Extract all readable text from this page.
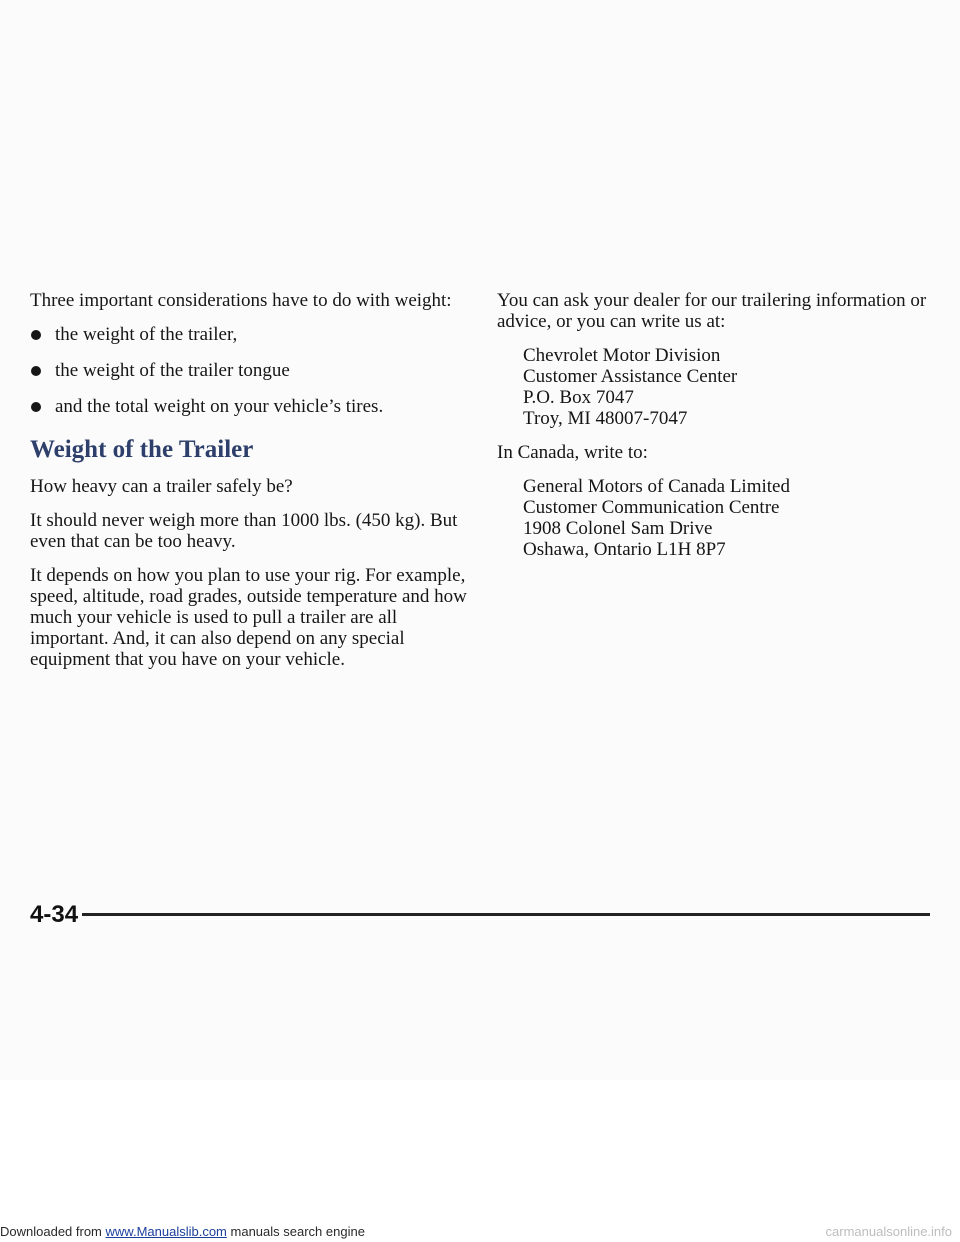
Three important considerations have to do with weight:

the weight of the trailer,
the weight of the trailer tongue
and the total weight on your vehicle’s tires.
Weight of the Trailer

How heavy can a trailer safely be?

It should never weigh more than 1000 lbs. (450 kg). But even that can be too heavy.

It depends on how you plan to use your rig. For example, speed, altitude, road grades, outside temperature and how much your vehicle is used to pull a trailer are all important. And, it can also depend on any special equipment that you have on your vehicle.

You can ask your dealer for our trailering information or advice, or you can write us at:

Chevrolet Motor Division
Customer Assistance Center
P.O. Box 7047
Troy, MI 48007-7047

In Canada, write to:

General Motors of Canada Limited
Customer Communication Centre
1908 Colonel Sam Drive
Oshawa, Ontario L1H 8P7
4-34
Downloaded from www.Manualslib.com manuals search engine	carmanualsonline.info
